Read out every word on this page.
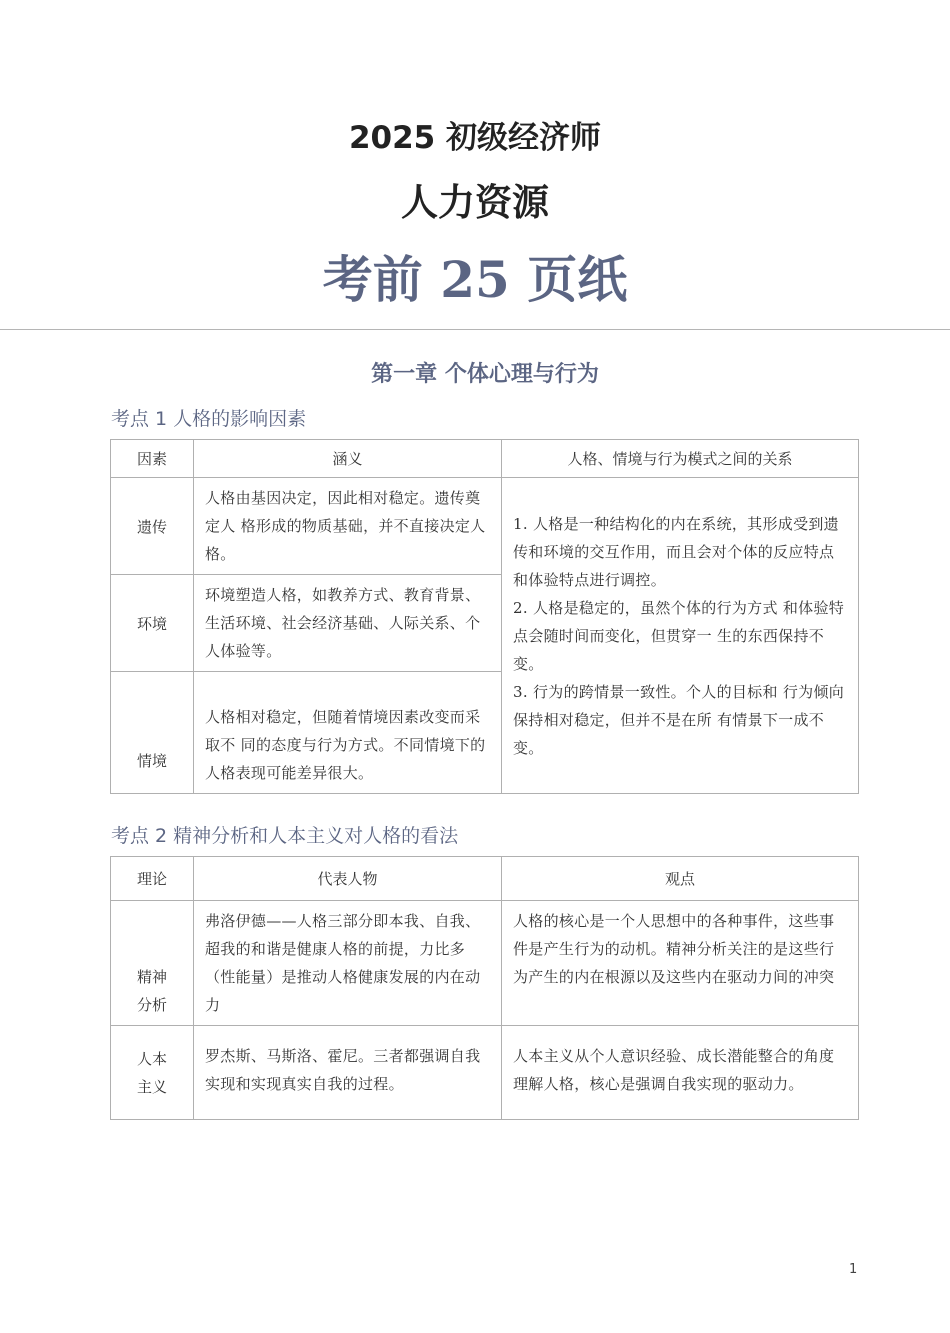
2025 初级经济师
人力资源
考前 25 页纸
第一章 个体心理与行为
考点 1 人格的影响因素
因素	涵义	人格、情境与行为模式之间的关系
遗传	人格由基因决定，因此相对稳定。遗传奠定人 格形成的物质基础，并不直接决定人格。	1. 人格是一种结构化的内在系统，其形成受到遗传和环境的交互作用，而且会对个体的反应特点和体验特点进行调控。
2. 人格是稳定的，虽然个体的行为方式 和体验特点会随时间而变化，但贯穿一 生的东西保持不变。
3. 行为的跨情景一致性。个人的目标和 行为倾向保持相对稳定，但并不是在所 有情景下一成不变。

环境	环境塑造人格，如教养方式、教育背景、生活环境、社会经济基础、人际关系、个人体验等。	
情境	人格相对稳定，但随着情境因素改变而采取不 同的态度与行为方式。不同情境下的人格表现可能差异很大。	
考点 2 精神分析和人本主义对人格的看法
理论	代表人物	观点

精神
分析	弗洛伊德——人格三部分即本我、自我、超我的和谐是健康人格的前提，力比多（性能量）是推动人格健康发展的内在动力	人格的核心是一个人思想中的各种事件，这些事件是产生行为的动机。精神分析关注的是这些行为产生的内在根源以及这些内在驱动力间的冲突

人本
主义	罗杰斯、马斯洛、霍尼。三者都强调自我实现和实现真实自我的过程。	人本主义从个人意识经验、成长潜能整合的角度理解人格，核心是强调自我实现的驱动力。
1
